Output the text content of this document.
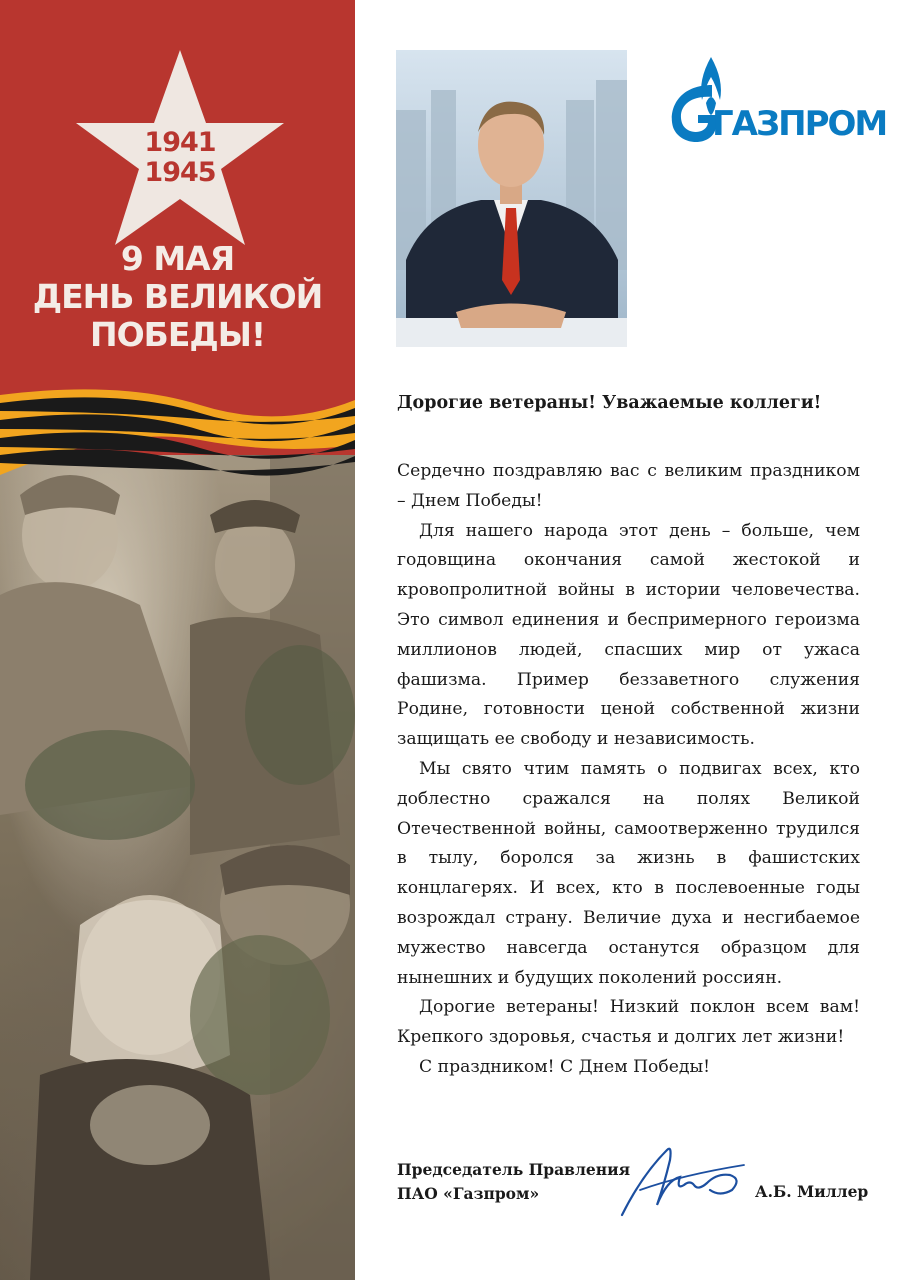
1941
1945
9 МАЯ
ДЕНЬ ВЕЛИКОЙ
ПОБЕДЫ!
ГАЗПРОМ
Дорогие ветераны! Уважаемые коллеги!

Сердечно поздравляю вас с великим праздником – Днем Победы!

Для нашего народа этот день – больше, чем годовщина окончания самой жестокой и кровопролитной войны в истории человечества. Это символ единения и беспримерного героизма миллионов людей, спасших мир от ужаса фашизма. Пример беззаветного служения Родине, готовности ценой собственной жизни защищать ее свободу и независимость.

Мы свято чтим память о подвигах всех, кто доблестно сражался на полях Великой Отечественной войны, самоотверженно трудился в тылу, боролся за жизнь в фашистских концлагерях. И всех, кто в послевоенные годы возрождал страну. Величие духа и несгибаемое мужество навсегда останутся образцом для нынешних и будущих поколений россиян.

Дорогие ветераны! Низкий поклон всем вам! Крепкого здоровья, счастья и долгих лет жизни!

С праздником! С Днем Победы!

Председатель Правления
ПАО «Газпром»	А.Б. Миллер
